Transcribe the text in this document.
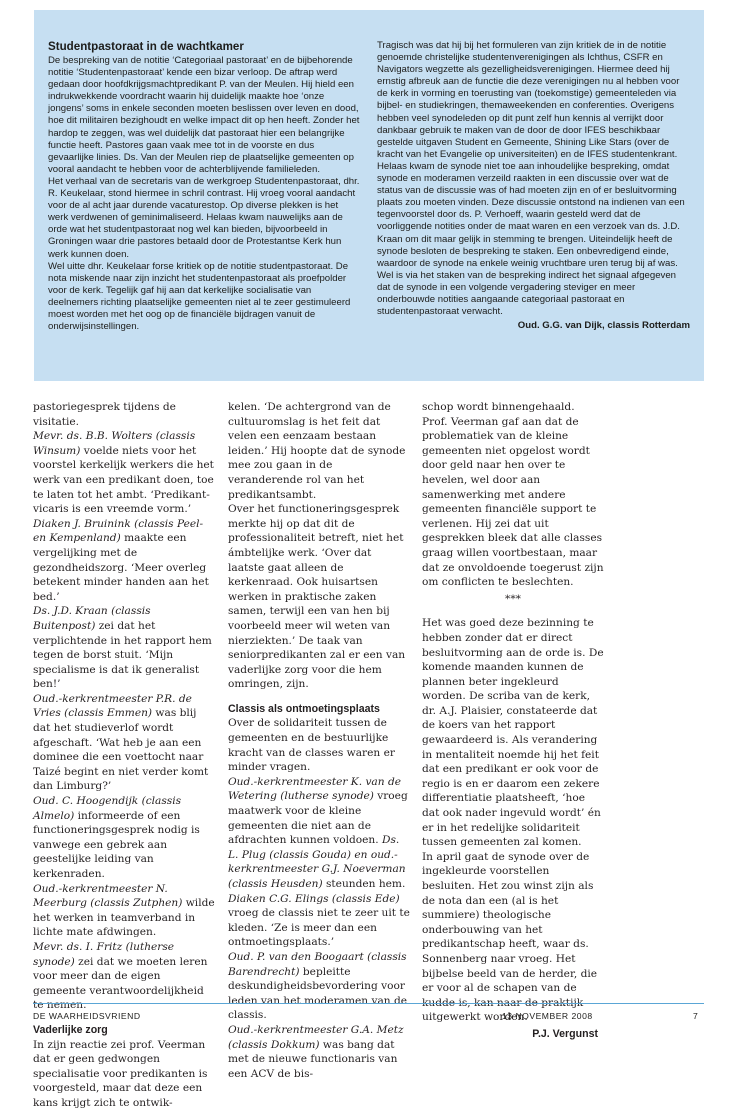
Studentpastoraat in de wachtkamer

De bespreking van de notitie ‘Categoriaal pastoraat’ en de bijbehorende notitie ‘Studentenpastoraat’ kende een bizar verloop. De aftrap werd gedaan door hoofdkrijgsmachtpredikant P. van der Meulen. Hij hield een indrukwekkende voordracht waarin hij duidelijk maakte hoe ‘onze jongens’ soms in enkele seconden moeten beslissen over leven en dood, hoe dit militairen bezighoudt en welke impact dit op hen heeft. Zonder het hardop te zeggen, was wel duidelijk dat pastoraat hier een belangrijke functie heeft. Pastores gaan vaak mee tot in de voorste en dus gevaarlijke linies. Ds. Van der Meulen riep de plaatselijke gemeenten op vooral aandacht te hebben voor de achterblijvende familieleden.

Het verhaal van de secretaris van de werkgroep Studentenpastoraat, dhr. R. Keukelaar, stond hiermee in schril contrast. Hij vroeg vooral aandacht voor de al acht jaar durende vacaturestop. Op diverse plekken is het werk verdwenen of geminimaliseerd. Helaas kwam nauwelijks aan de orde wat het studentpastoraat nog wel kan bieden, bijvoorbeeld in Groningen waar drie pastores betaald door de Protestantse Kerk hun werk kunnen doen.

Wel uitte dhr. Keukelaar forse kritiek op de notitie studentpastoraat. De nota miskende naar zijn inzicht het studentenpastoraat als proefpolder voor de kerk. Tegelijk gaf hij aan dat kerkelijke socialisatie van deelnemers richting plaatselijke gemeenten niet al te zeer gestimuleerd moest worden met het oog op de financiële bijdragen vanuit de onderwijsinstellingen.

Tragisch was dat hij bij het formuleren van zijn kritiek de in de notitie genoemde christelijke studentenverenigingen als Ichthus, CSFR en Navigators wegzette als gezelligheidsverenigingen. Hiermee deed hij ernstig afbreuk aan de functie die deze verenigingen nu al hebben voor de kerk in vorming en toerusting van (toekomstige) gemeenteleden via bijbel- en studiekringen, themaweekenden en conferenties. Overigens hebben veel synodeleden op dit punt zelf hun kennis al verrijkt door dankbaar gebruik te maken van de door de door IFES beschikbaar gestelde uitgaven Student en Gemeente, Shining Like Stars (over de kracht van het Evangelie op universiteiten) en de IFES studentenkrant.

Helaas kwam de synode niet toe aan inhoudelijke bespreking, omdat synode en moderamen verzeild raakten in een discussie over wat de status van de discussie was of had moeten zijn en of er besluitvorming plaats zou moeten vinden. Deze discussie ontstond na indienen van een tegenvoorstel door ds. P. Verhoeff, waarin gesteld werd dat de voorliggende notities onder de maat waren en een verzoek van ds. J.D. Kraan om dit maar gelijk in stemming te brengen. Uiteindelijk heeft de synode besloten de bespreking te staken. Een onbevredigend einde, waardoor de synode na enkele weinig vruchtbare uren terug bij af was. Wel is via het staken van de bespreking indirect het signaal afgegeven dat de synode in een volgende vergadering steviger en meer onderbouwde notities aangaande categoriaal pastoraat en studentenpastoraat verwacht.

Oud. G.G. van Dijk, classis Rotterdam

pastoriegesprek tijdens de visitatie.

Mevr. ds. B.B. Wolters (classis Winsum) voelde niets voor het voorstel kerkelijk werkers die het werk van een predikant doen, toe te laten tot het ambt. ‘Predikant-vicaris is een vreemde vorm.’

Diaken J. Bruinink (classis Peel- en Kempenland) maakte een vergelijking met de gezondheidszorg. ‘Meer overleg betekent minder handen aan het bed.’

Ds. J.D. Kraan (classis Buitenpost) zei dat het verplichtende in het rapport hem tegen de borst stuit. ‘Mijn specialisme is dat ik generalist ben!’

Oud.-kerkrentmeester P.R. de Vries (classis Emmen) was blij dat het studieverlof wordt afgeschaft. ‘Wat heb je aan een dominee die een voettocht naar Taizé begint en niet verder komt dan Limburg?’

Oud. C. Hoogendijk (classis Almelo) informeerde of een functioneringsgesprek nodig is vanwege een gebrek aan geestelijke leiding van kerkenraden.

Oud.-kerkrentmeester N. Meerburg (classis Zutphen) wilde het werken in teamverband in lichte mate afdwingen.

Mevr. ds. I. Fritz (lutherse synode) zei dat we moeten leren voor meer dan de eigen gemeente verantwoordelijkheid te nemen.

Vaderlijke zorg

In zijn reactie zei prof. Veerman dat er geen gedwongen specialisatie voor predikanten is voorgesteld, maar dat deze een kans krijgt zich te ontwik-

kelen. ‘De achtergrond van de cultuuromslag is het feit dat velen een eenzaam bestaan leiden.’ Hij hoopte dat de synode mee zou gaan in de veranderende rol van het predikantsambt.

Over het functioneringsgesprek merkte hij op dat dit de professionaliteit betreft, niet het ámbtelijke werk. ‘Over dat laatste gaat alleen de kerkenraad. Ook huisartsen werken in praktische zaken samen, terwijl een van hen bij voorbeeld meer wil weten van nierziekten.’ De taak van seniorpredikanten zal er een van vaderlijke zorg voor die hem omringen, zijn.

Classis als ontmoetingsplaats

Over de solidariteit tussen de gemeenten en de bestuurlijke kracht van de classes waren er minder vragen.

Oud.-kerkrentmeester K. van de Wetering (lutherse synode) vroeg maatwerk voor de kleine gemeenten die niet aan de afdrachten kunnen voldoen. Ds. L. Plug (classis Gouda) en oud.-kerkrentmeester G.J. Noeverman (classis Heusden) steunden hem.

Diaken C.G. Elings (classis Ede) vroeg de classis niet te zeer uit te kleden. ‘Ze is meer dan een ontmoetingsplaats.’

Oud. P. van den Boogaart (classis Barendrecht) bepleitte deskundigheidsbevordering voor leden van het moderamen van de classis.

Oud.-kerkrentmeester G.A. Metz (classis Dokkum) was bang dat met de nieuwe functionaris van een ACV de bis-

schop wordt binnengehaald.

Prof. Veerman gaf aan dat de problematiek van de kleine gemeenten niet opgelost wordt door geld naar hen over te hevelen, wel door aan samenwerking met andere gemeenten financiële support te verlenen. Hij zei dat uit gesprekken bleek dat alle classes graag willen voortbestaan, maar dat ze onvoldoende toegerust zijn om conflicten te beslechten.

***

Het was goed deze bezinning te hebben zonder dat er direct besluitvorming aan de orde is. De komende maanden kunnen de plannen beter ingekleurd worden. De scriba van de kerk, dr. A.J. Plaisier, constateerde dat de koers van het rapport gewaardeerd is. Als verandering in mentaliteit noemde hij het feit dat een predikant er ook voor de regio is en er daarom een zekere differentiatie plaatsheeft, ‘hoe dat ook nader ingevuld wordt’ én er in het redelijke solidariteit tussen gemeenten zal komen.

In april gaat de synode over de ingekleurde voorstellen besluiten. Het zou winst zijn als de nota dan een (al is het summiere) theologische onderbouwing van het predikantschap heeft, waar ds. Sonnenberg naar vroeg. Het bijbelse beeld van de herder, die er voor al de schapen van de kudde is, kan naar de praktijk uitgewerkt worden.

P.J. Vergunst
DE WAARHEIDSVRIEND	13 NOVEMBER 2008	7
